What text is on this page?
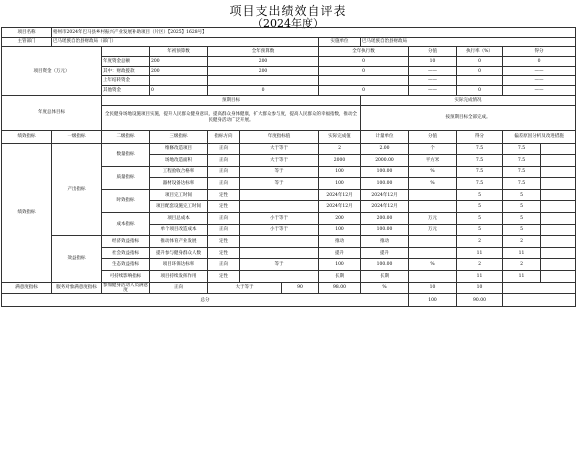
项目支出绩效自评表
（2024年度）
项目名称	梧州市2024年巴马县乡村振兴产业发展补助项目（片区）【2025】1628号】											
主管部门	巴马瑶族自治县财政局（部门）						实施单位	巴马瑶族自治县财政局				
项目资金（万元）			年初预算数	全年预算数			全年执行数		分值	执行率（%）	得分	
		年度资金总额	200	200			0		10	0	0	
		其中：财政拨款	200	200			0		——	0	——	
		上年结转资金							——		——	
		其他资金	0	0			0		——	0	——	
年度总体目标		预期目标						实际完成情况				
		全民健身场地设施项目实施，提升人民群众健身意识，提高群众身体健康，扩大群众参与度，提高人民群众的幸福指数，推动全民健身活动广泛开展。						按预期目标全部完成。				
绩效指标	一级指标	二级指标	三级指标	指标方向	年度指标值		实际完成值	计量单位	分值	得分	偏差原因分析及改进措施	
绩效指标	产出指标	数量指标	维修改造项目	正向	大于等于		2	2.00	个	7.5	7.5	

			场地改造面积	正向	大于等于		2000	2000.00	平方米	7.5	7.5	

		质量指标	工程验收合格率	正向	等于		100	100.00	%	7.5	7.5	

			器材设备达标率	正向	等于		100	100.00	%	7.5	7.5	

		时效指标	项目完工时间	定性			2024年12月	2024年12月		5	5	

			项目配套设施完工时间	定性			2024年12月	2024年12月		5	5	

		成本指标	项目总成本	正向	小于等于		200	200.00	万元	5	5	

			单个项目改造成本	正向	小于等于		100	100.00	万元	5	5	

	效益指标	经济效益指标	推动体育产业发展	定性			推动	推动		2	2	

		社会效益指标	提升参与健身群众人数	定性			提升	提升		11	11	

		生态效益指标	项目环保达标率	正向	等于		100	100.00	%	2	2	

		可持续影响指标	项目持续发挥作用	定性			长期	长期		11	11	

满意度指标	服务对象满意度指标	参加健身活动人员满意度	正向	大于等于		90	98.00	%	10	10		

总分									100	90.00		
